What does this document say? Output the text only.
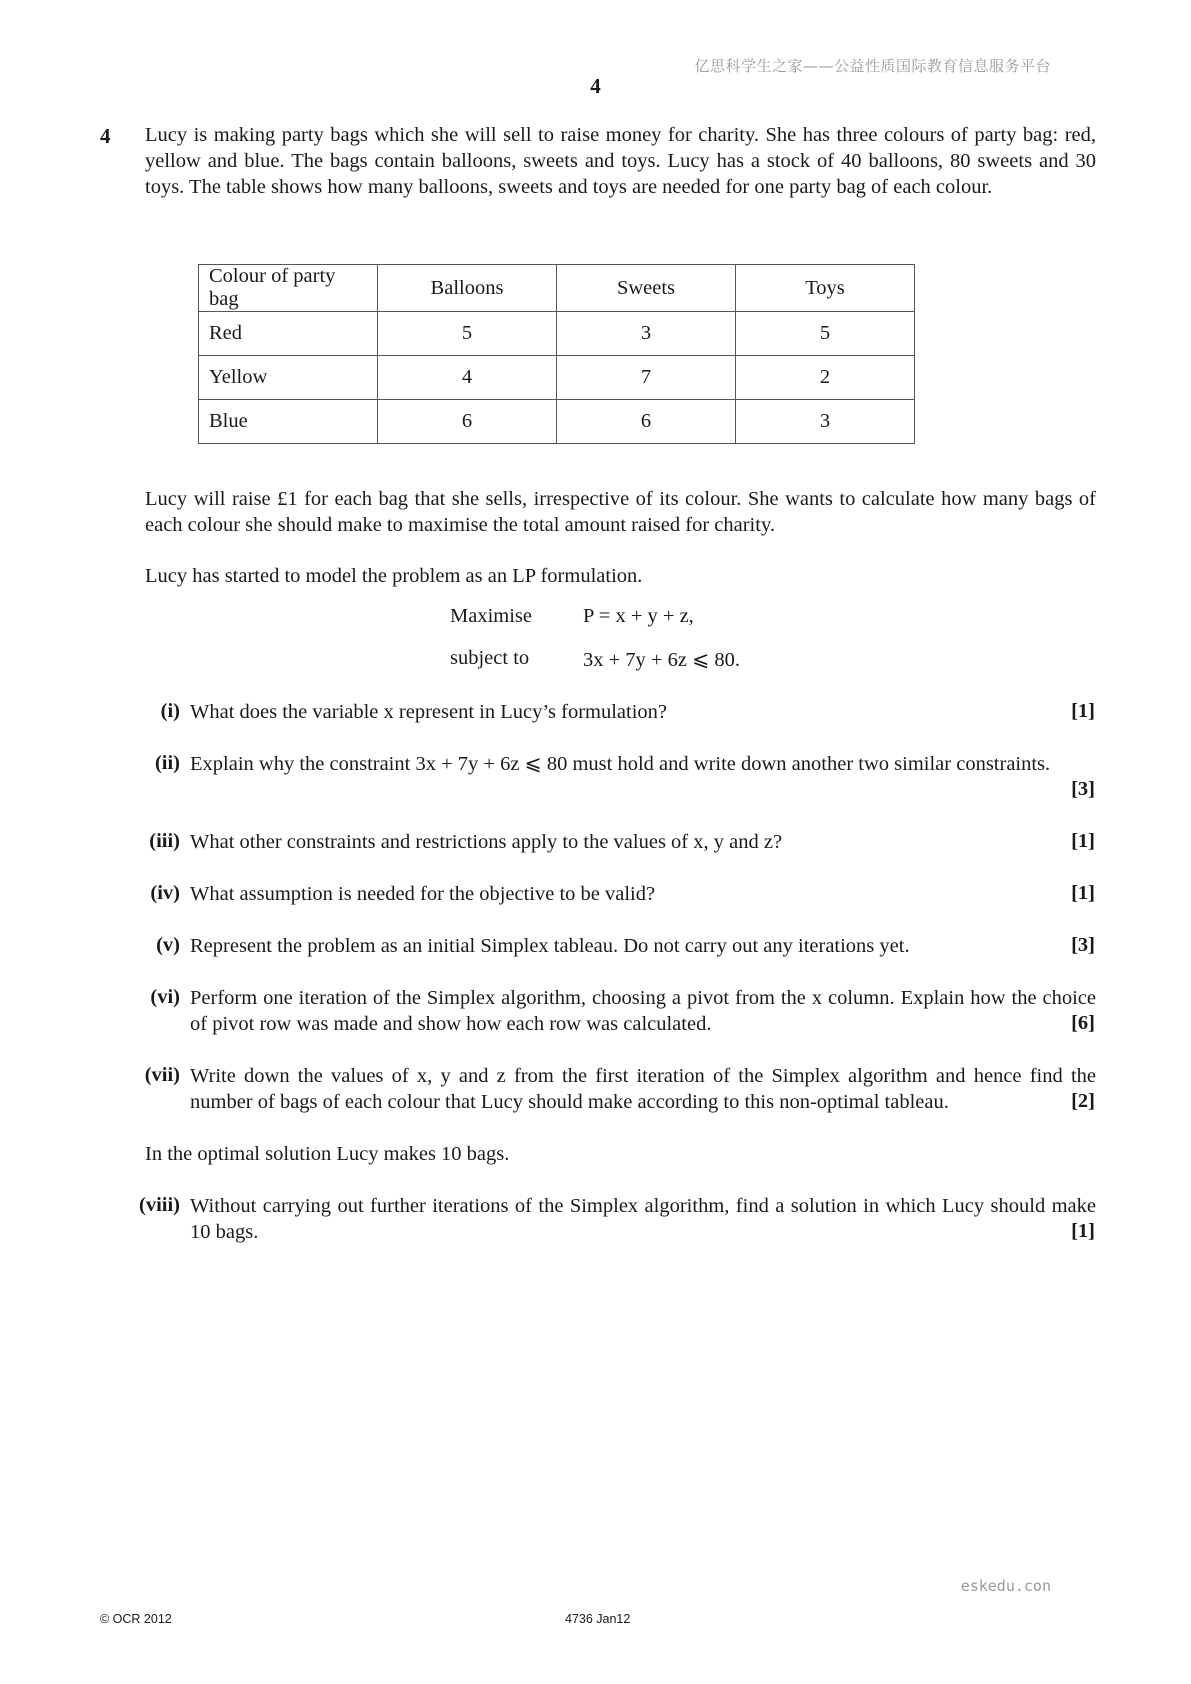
亿思科学生之家——公益性质国际教育信息服务平台
4
4 Lucy is making party bags which she will sell to raise money for charity. She has three colours of party bag: red, yellow and blue. The bags contain balloons, sweets and toys. Lucy has a stock of 40 balloons, 80 sweets and 30 toys. The table shows how many balloons, sweets and toys are needed for one party bag of each colour.
Colour of party bag	Balloons	Sweets	Toys
Red	5	3	5
Yellow	4	7	2
Blue	6	6	3
Lucy will raise £1 for each bag that she sells, irrespective of its colour. She wants to calculate how many bags of each colour she should make to maximise the total amount raised for charity.
Lucy has started to model the problem as an LP formulation.
Maximise P = x + y + z,
subject to	3x + 7y + 6z ⩽ 80.
(i) What does the variable x represent in Lucy’s formulation?	[1]
(ii) Explain why the constraint 3x + 7y + 6z ⩽ 80 must hold and write down another two similar constraints.
[3]
(iii) What other constraints and restrictions apply to the values of x, y and z?	[1]
(iv) What assumption is needed for the objective to be valid?	[1]
(v) Represent the problem as an initial Simplex tableau. Do not carry out any iterations yet.	[3]
(vi) Perform one iteration of the Simplex algorithm, choosing a pivot from the x column. Explain how the choice of pivot row was made and show how each row was calculated.	[6]
(vii) Write down the values of x, y and z from the first iteration of the Simplex algorithm and hence find the number of bags of each colour that Lucy should make according to this non-optimal tableau.	[2]
In the optimal solution Lucy makes 10 bags.
(viii) Without carrying out further iterations of the Simplex algorithm, find a solution in which Lucy should make 10 bags.	[1]
eskedu.con
© OCR 2012	4736 Jan12
